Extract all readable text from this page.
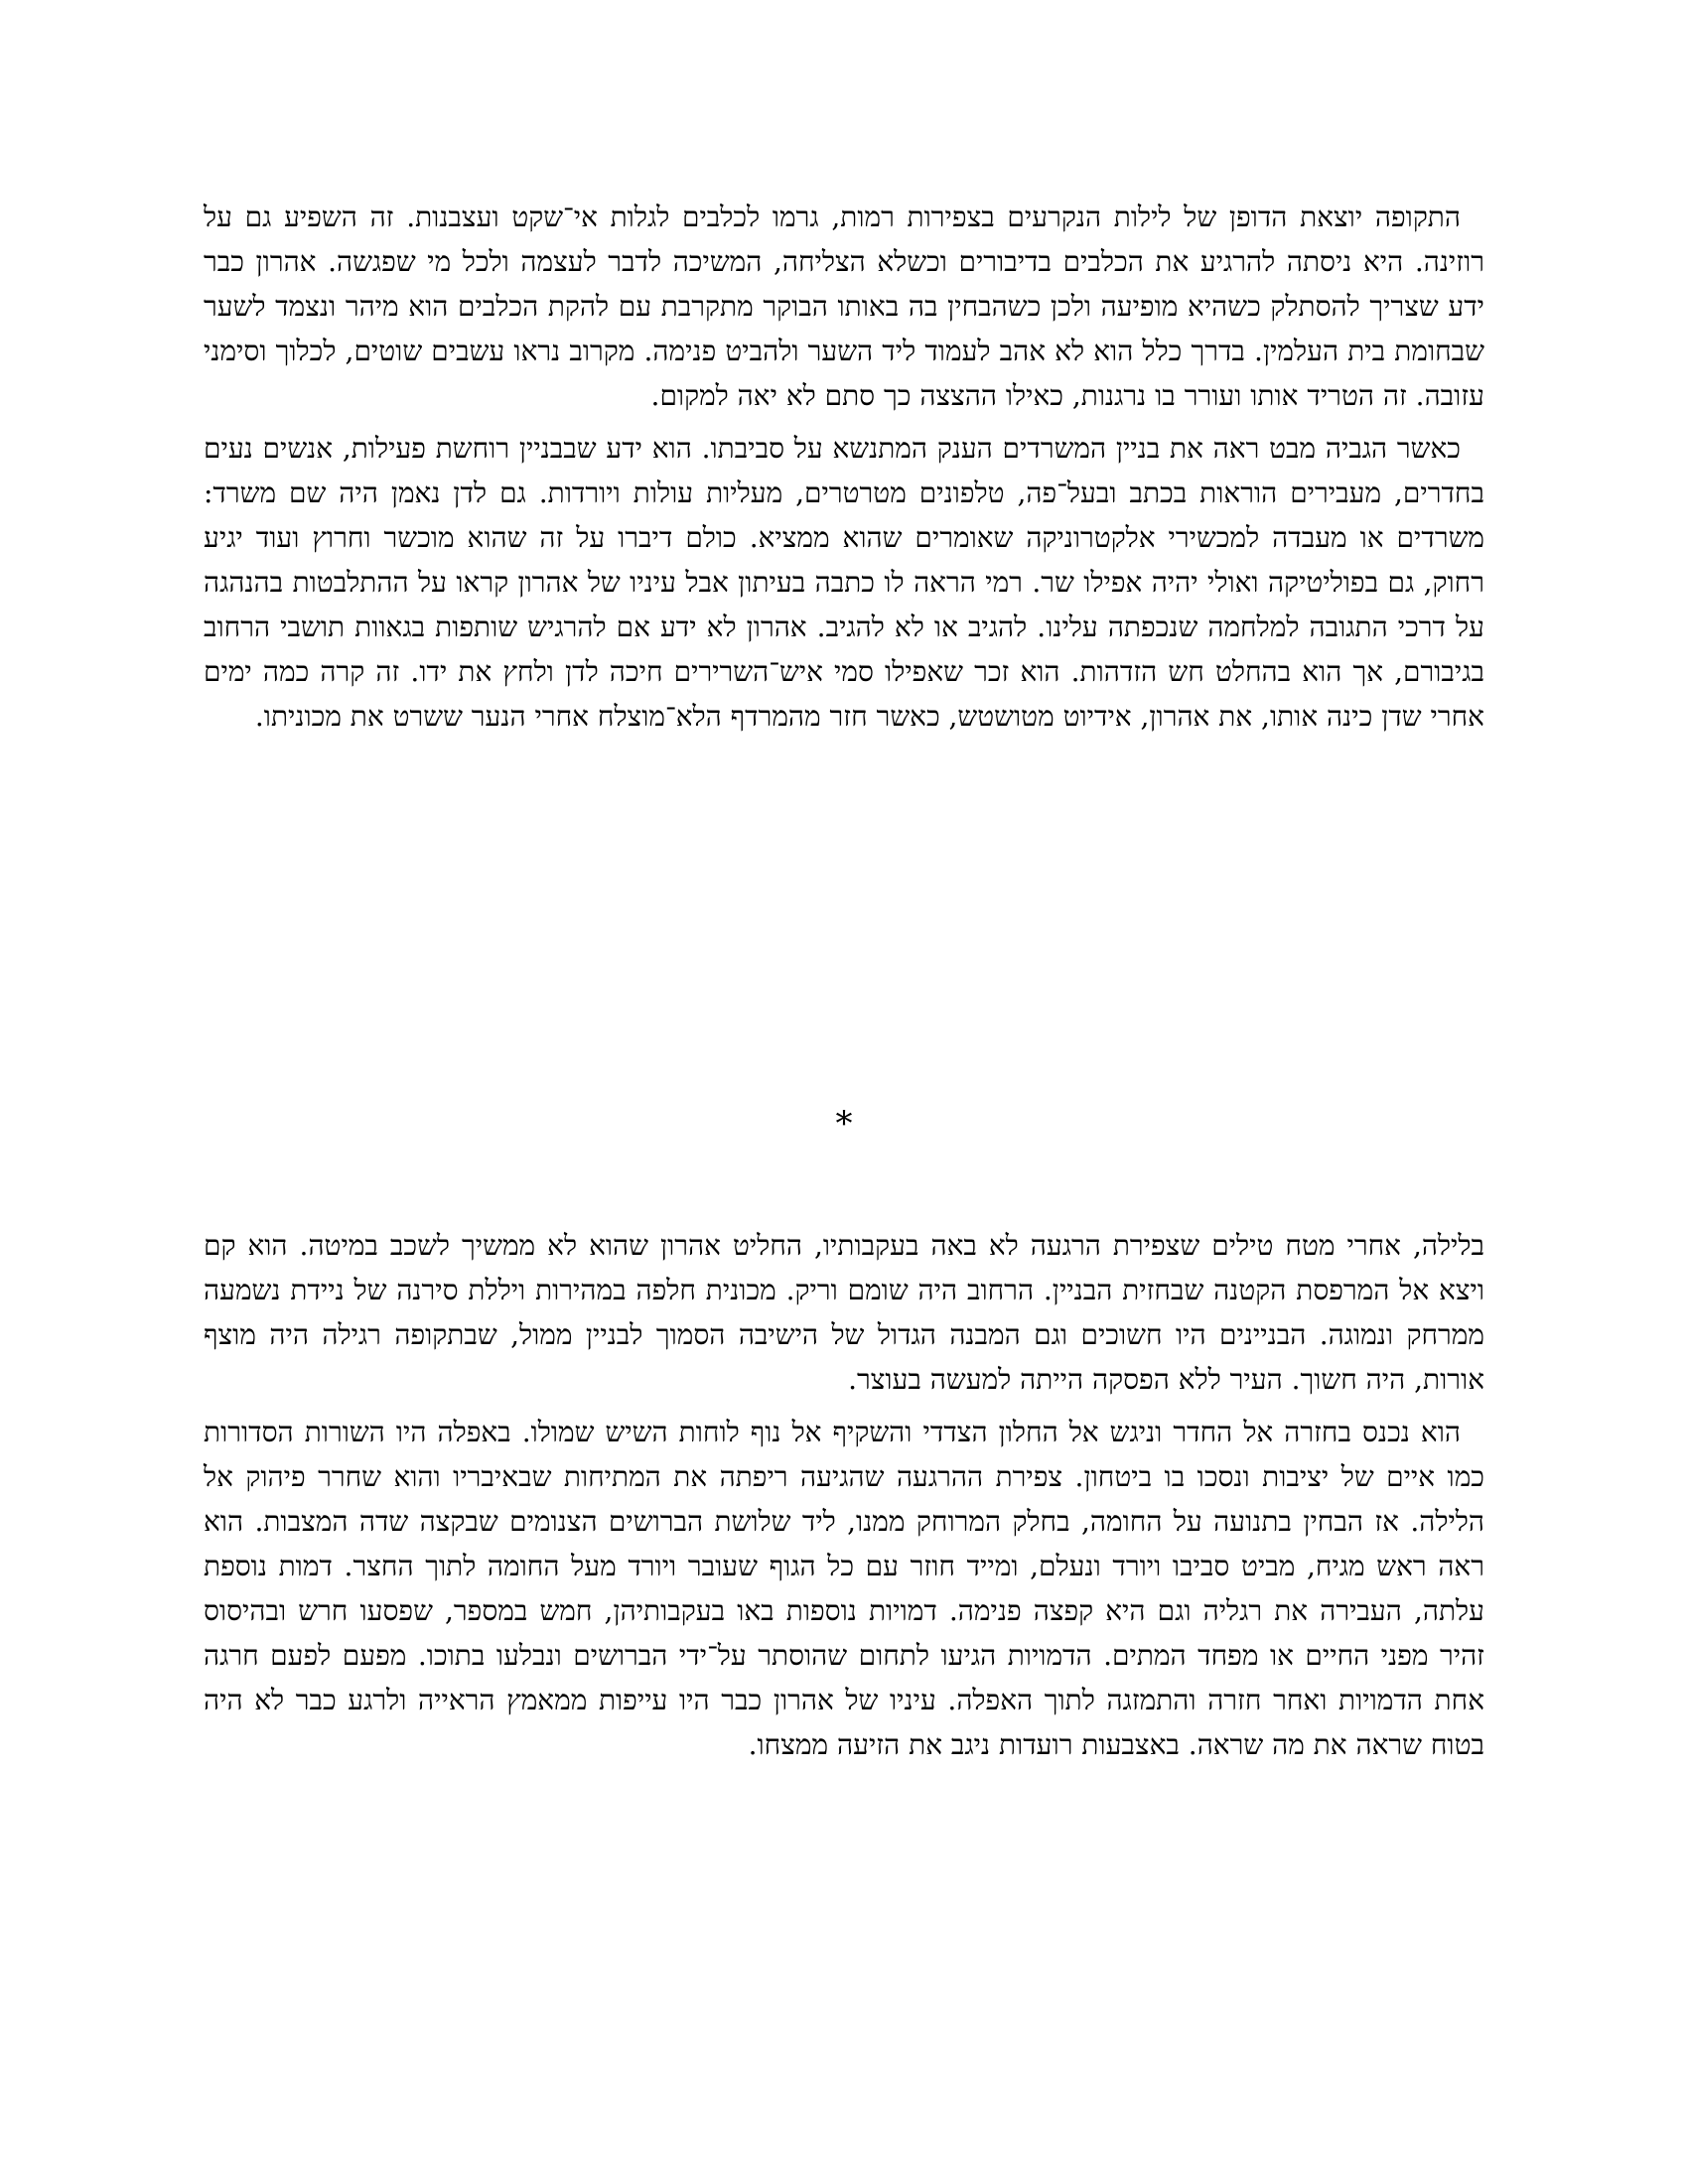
התקופה יוצאת הדופן של לילות הנקרעים בצפירות רמות, גרמו לכלבים לגלות אי־שקט ועצבנות. זה השפיע גם על רוזינה. היא ניסתה להרגיע את הכלבים בדיבורים וכשלא הצליחה, המשיכה לדבר לעצמה ולכל מי שפגשה. אהרון כבר ידע שצריך להסתלק כשהיא מופיעה ולכן כשהבחין בה באותו הבוקר מתקרבת עם להקת הכלבים הוא מיהר ונצמד לשער שבחומת בית העלמין. בדרך כלל הוא לא אהב לעמוד ליד השער ולהביט פנימה. מקרוב נראו עשבים שוטים, לכלוך וסימני עזובה. זה הטריד אותו ועורר בו נרגנות, כאילו ההצצה כך סתם לא יאה למקום.

כאשר הגביה מבט ראה את בניין המשרדים הענק המתנשא על סביבתו. הוא ידע שבבניין רוחשת פעילות, אנשים נעים בחדרים, מעבירים הוראות בכתב ובעל־פה, טלפונים מטרטרים, מעליות עולות ויורדות. גם לדן נאמן היה שם משרד: משרדים או מעבדה למכשירי אלקטרוניקה שאומרים שהוא ממציא. כולם דיברו על זה שהוא מוכשר וחרוץ ועוד יגיע רחוק, גם בפוליטיקה ואולי יהיה אפילו שר. רמי הראה לו כתבה בעיתון אבל עיניו של אהרון קראו על ההתלבטות בהנהגה על דרכי התגובה למלחמה שנכפתה עלינו. להגיב או לא להגיב. אהרון לא ידע אם להרגיש שותפות בגאוות תושבי הרחוב בגיבורם, אך הוא בהחלט חש הזדהות. הוא זכר שאפילו סמי איש־השרירים חיכה לדן ולחץ את ידו. זה קרה כמה ימים אחרי שדן כינה אותו, את אהרון, אידיוט מטושטש, כאשר חזר מהמרדף הלא־מוצלח אחרי הנער ששרט את מכוניתו.

*

בלילה, אחרי מטח טילים שצפירת הרגעה לא באה בעקבותיו, החליט אהרון שהוא לא ממשיך לשכב במיטה. הוא קם ויצא אל המרפסת הקטנה שבחזית הבניין. הרחוב היה שומם וריק. מכונית חלפה במהירות ויללת סירנה של ניידת נשמעה ממרחק ונמוגה. הבניינים היו חשוכים וגם המבנה הגדול של הישיבה הסמוך לבניין ממול, שבתקופה רגילה היה מוצף אורות, היה חשוך. העיר ללא הפסקה הייתה למעשה בעוצר.

הוא נכנס בחזרה אל החדר וניגש אל החלון הצדדי והשקיף אל נוף לוחות השיש שמולו. באפלה היו השורות הסדורות כמו איים של יציבות ונסכו בו ביטחון. צפירת ההרגעה שהגיעה ריפתה את המתיחות שבאיבריו והוא שחרר פיהוק אל הלילה. אז הבחין בתנועה על החומה, בחלק המרוחק ממנו, ליד שלושת הברושים הצנומים שבקצה שדה המצבות. הוא ראה ראש מגיח, מביט סביבו ויורד ונעלם, ומייד חוזר עם כל הגוף שעובר ויורד מעל החומה לתוך החצר. דמות נוספת עלתה, העבירה את רגליה וגם היא קפצה פנימה. דמויות נוספות באו בעקבותיהן, חמש במספר, שפסעו חרש ובהיסוס זהיר מפני החיים או מפחד המתים. הדמויות הגיעו לתחום שהוסתר על־ידי הברושים ונבלעו בתוכו. מפעם לפעם חרגה אחת הדמויות ואחר חזרה והתמזגה לתוך האפלה. עיניו של אהרון כבר היו עייפות ממאמץ הראייה ולרגע כבר לא היה בטוח שראה את מה שראה. באצבעות רועדות ניגב את הזיעה ממצחו.
